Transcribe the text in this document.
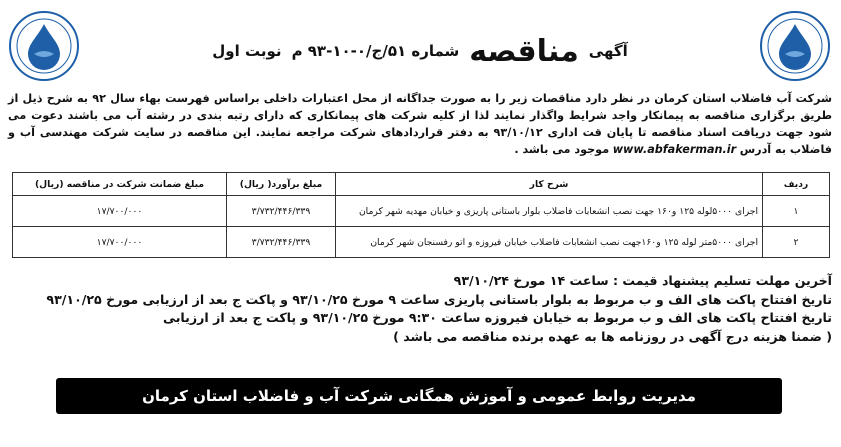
آگهی
مناقصه
شماره ۵۱/ج/۰-۱۰-۹۳ م
نوبت اول
شرکت آب فاضلاب استان کرمان در نظر دارد مناقصات زیر را به صورت جداگانه از محل اعتبارات داخلی براساس فهرست بهاء سال ۹۲ به شرح ذیل از طریق برگزاری مناقصه به پیمانکار واجد شرایط واگذار نمایند لذا از کلیه شرکت های پیمانکاری که دارای رتبه بندی در رشته آب می باشند دعوت می شود جهت دریافت اسناد مناقصه تا پایان قت اداری ۹۳/۱۰/۱۲ به دفتر قراردادهای شرکت مراجعه نمایند. این مناقصه در سایت شرکت مهندسی آب و فاضلاب به آدرس www.abfakerman.ir موجود می باشد .
ردیف	شرح کار	مبلغ برآورد( ریال)	مبلغ ضمانت شرکت در مناقصه (ریال)
۱	اجرای ۵۰۰۰لوله ۱۲۵ و۱۶۰ جهت نصب انشعابات فاضلاب بلوار باستانی پاریزی و خیابان مهدیه شهر کرمان	۳/۷۳۲/۴۴۶/۳۳۹	۱۷/۷۰۰/۰۰۰
۲	اجرای ۵۰۰۰متر لوله ۱۲۵ و۱۶۰جهت نصب انشعابات فاضلاب خیابان فیروزه و اتو رفسنجان شهر کرمان	۳/۷۳۲/۴۴۶/۳۳۹	۱۷/۷۰۰/۰۰۰
آخرین مهلت تسلیم پیشنهاد قیمت : ساعت ۱۴ مورخ ۹۳/۱۰/۲۴
تاریخ افتتاح پاکت های الف و ب مربوط به بلوار باستانی پاریزی ساعت ۹ مورخ ۹۳/۱۰/۲۵ و پاکت ج بعد از ارزیابی مورخ ۹۳/۱۰/۲۵
تاریخ افتتاح پاکت های الف و ب مربوط به خیابان فیروزه ساعت ۹:۳۰ مورخ ۹۳/۱۰/۲۵ و پاکت ج بعد از ارزیابی
( ضمنا هزینه درج آگهی در روزنامه ها به عهده برنده مناقصه می باشد )
مدیریت روابط عمومی و آموزش همگانی شرکت آب و فاضلاب استان کرمان
